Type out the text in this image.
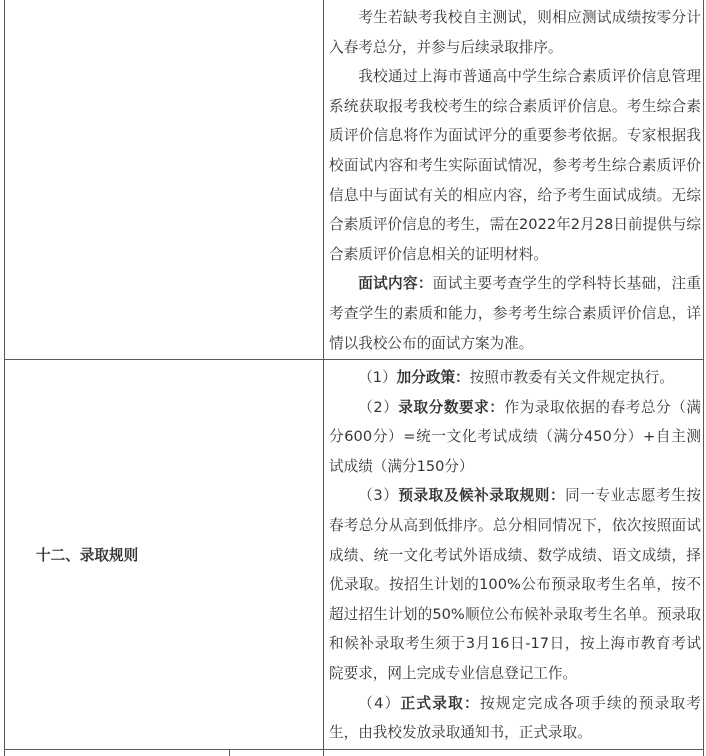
考生若缺考我校自主测试，则相应测试成绩按零分计入春考总分，并参与后续录取排序。

我校通过上海市普通高中学生综合素质评价信息管理系统获取报考我校考生的综合素质评价信息。考生综合素质评价信息将作为面试评分的重要参考依据。专家根据我校面试内容和考生实际面试情况，参考考生综合素质评价信息中与面试有关的相应内容，给予考生面试成绩。无综合素质评价信息的考生，需在2022年2月28日前提供与综合素质评价信息相关的证明材料。

面试内容：面试主要考查学生的学科特长基础，注重考查学生的素质和能力，参考考生综合素质评价信息，详情以我校公布的面试方案为准。

十二、录取规则

（1）加分政策：按照市教委有关文件规定执行。

（2）录取分数要求：作为录取依据的春考总分（满分600分）=统一文化考试成绩（满分450分）+自主测试成绩（满分150分）

（3）预录取及候补录取规则：同一专业志愿考生按春考总分从高到低排序。总分相同情况下，依次按照面试成绩、统一文化考试外语成绩、数学成绩、语文成绩，择优录取。按招生计划的100%公布预录取考生名单，按不超过招生计划的50%顺位公布候补录取考生名单。预录取和候补录取考生须于3月16日-17日，按上海市教育考试院要求，网上完成专业信息登记工作。

（4）正式录取：按规定完成各项手续的预录取考生，由我校发放录取通知书，正式录取。
